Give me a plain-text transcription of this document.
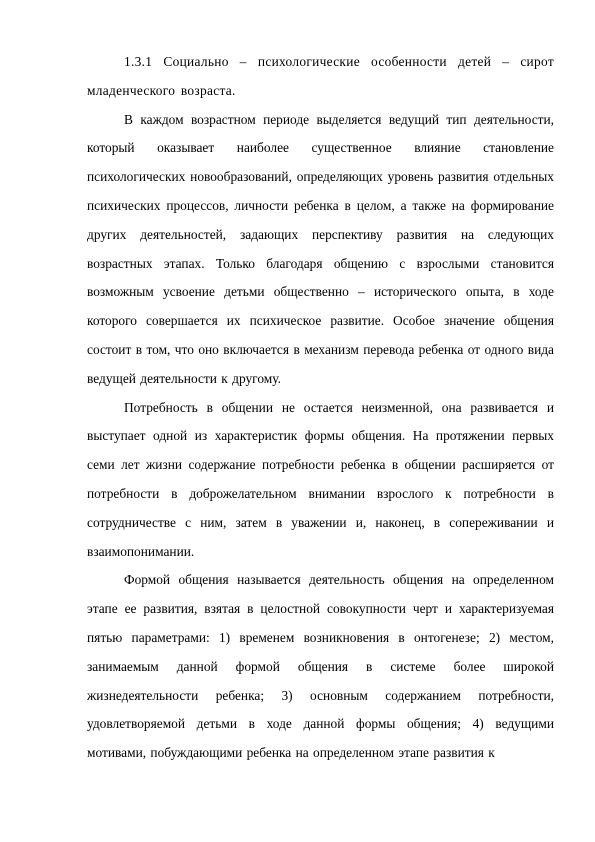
1.3.1 Социально – психологические особенности детей – сирот младенческого возраста.

В каждом возрастном периоде выделяется ведущий тип деятельности, который оказывает наиболее существенное влияние становление психологических новообразований, определяющих уровень развития отдельных психических процессов, личности ребенка в целом, а также на формирование других деятельностей, задающих перспективу развития на следующих возрастных этапах. Только благодаря общению с взрослыми становится возможным усвоение детьми общественно – исторического опыта, в ходе которого совершается их психическое развитие. Особое значение общения состоит в том, что оно включается в механизм перевода ребенка от одного вида ведущей деятельности к другому.

Потребность в общении не остается неизменной, она развивается и выступает одной из характеристик формы общения. На протяжении первых семи лет жизни содержание потребности ребенка в общении расширяется от потребности в доброжелательном внимании взрослого к потребности в сотрудничестве с ним, затем в уважении и, наконец, в сопереживании и взаимопонимании.

Формой общения называется деятельность общения на определенном этапе ее развития, взятая в целостной совокупности черт и характеризуемая пятью параметрами: 1) временем возникновения в онтогенезе; 2) местом, занимаемым данной формой общения в системе более широкой жизнедеятельности ребенка; 3) основным содержанием потребности, удовлетворяемой детьми в ходе данной формы общения; 4) ведущими мотивами, побуждающими ребенка на определенном этапе развития к
